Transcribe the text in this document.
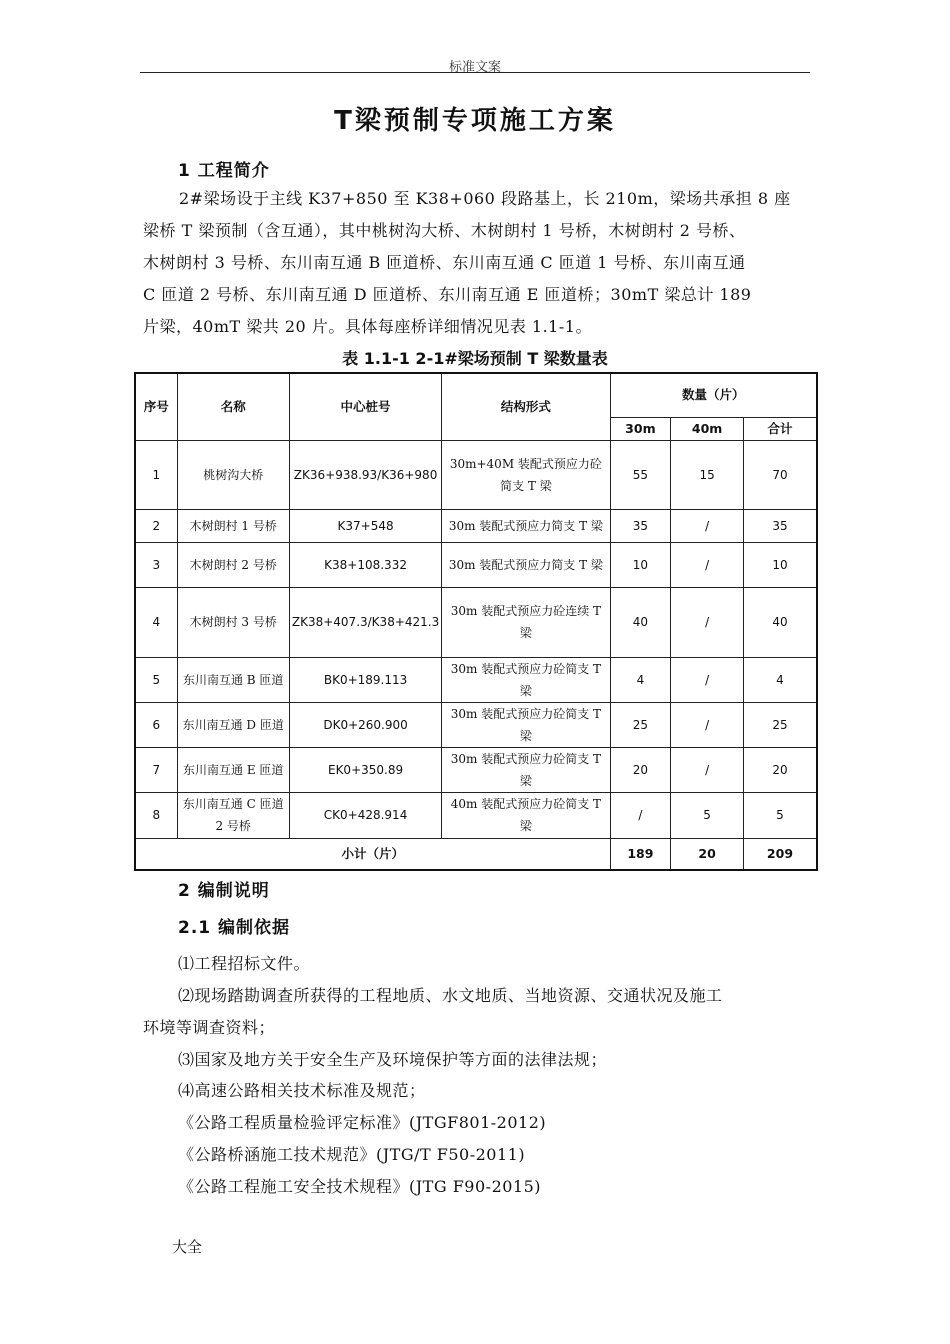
标准文案
T梁预制专项施工方案
1 工程简介
2#梁场设于主线 K37+850 至 K38+060 段路基上，长 210m，梁场共承担 8 座
梁桥 T 梁预制（含互通），其中桃树沟大桥、木树朗村 1 号桥，木树朗村 2 号桥、
木树朗村 3 号桥、东川南互通 B 匝道桥、东川南互通 C 匝道 1 号桥、东川南互通
C 匝道 2 号桥、东川南互通 D 匝道桥、东川南互通 E 匝道桥；30mT 梁总计 189
片梁，40mT 梁共 20 片。具体每座桥详细情况见表 1.1-1。
表 1.1-1 2-1#梁场预制 T 梁数量表
序号	名称	中心桩号	结构形式	数量（片）		
				30m	40m	合计
1	桃树沟大桥	ZK36+938.93/K36+980	30m+40M 装配式预应力砼简支 T 梁	55	15	70
2	木树朗村 1 号桥	K37+548	30m 装配式预应力简支 T 梁	35	/	35
3	木树朗村 2 号桥	K38+108.332	30m 装配式预应力简支 T 梁	10	/	10
4	木树朗村 3 号桥	ZK38+407.3/K38+421.3	30m 装配式预应力砼连续 T 梁	40	/	40
5	东川南互通 B 匝道	BK0+189.113	30m 装配式预应力砼简支 T 梁	4	/	4
6	东川南互通 D 匝道	DK0+260.900	30m 装配式预应力砼简支 T 梁	25	/	25
7	东川南互通 E 匝道	EK0+350.89	30m 装配式预应力砼简支 T 梁	20	/	20
8	东川南互通 C 匝道 2 号桥	CK0+428.914	40m 装配式预应力砼简支 T 梁	/	5	5
小计（片）				189	20	209
2 编制说明
2.1 编制依据
⑴工程招标文件。
⑵现场踏勘调查所获得的工程地质、水文地质、当地资源、交通状况及施工
环境等调查资料；
⑶国家及地方关于安全生产及环境保护等方面的法律法规；
⑷高速公路相关技术标准及规范；
《公路工程质量检验评定标准》(JTGF801-2012)
《公路桥涵施工技术规范》(JTG/T F50-2011)
《公路工程施工安全技术规程》(JTG F90-2015)
大全
